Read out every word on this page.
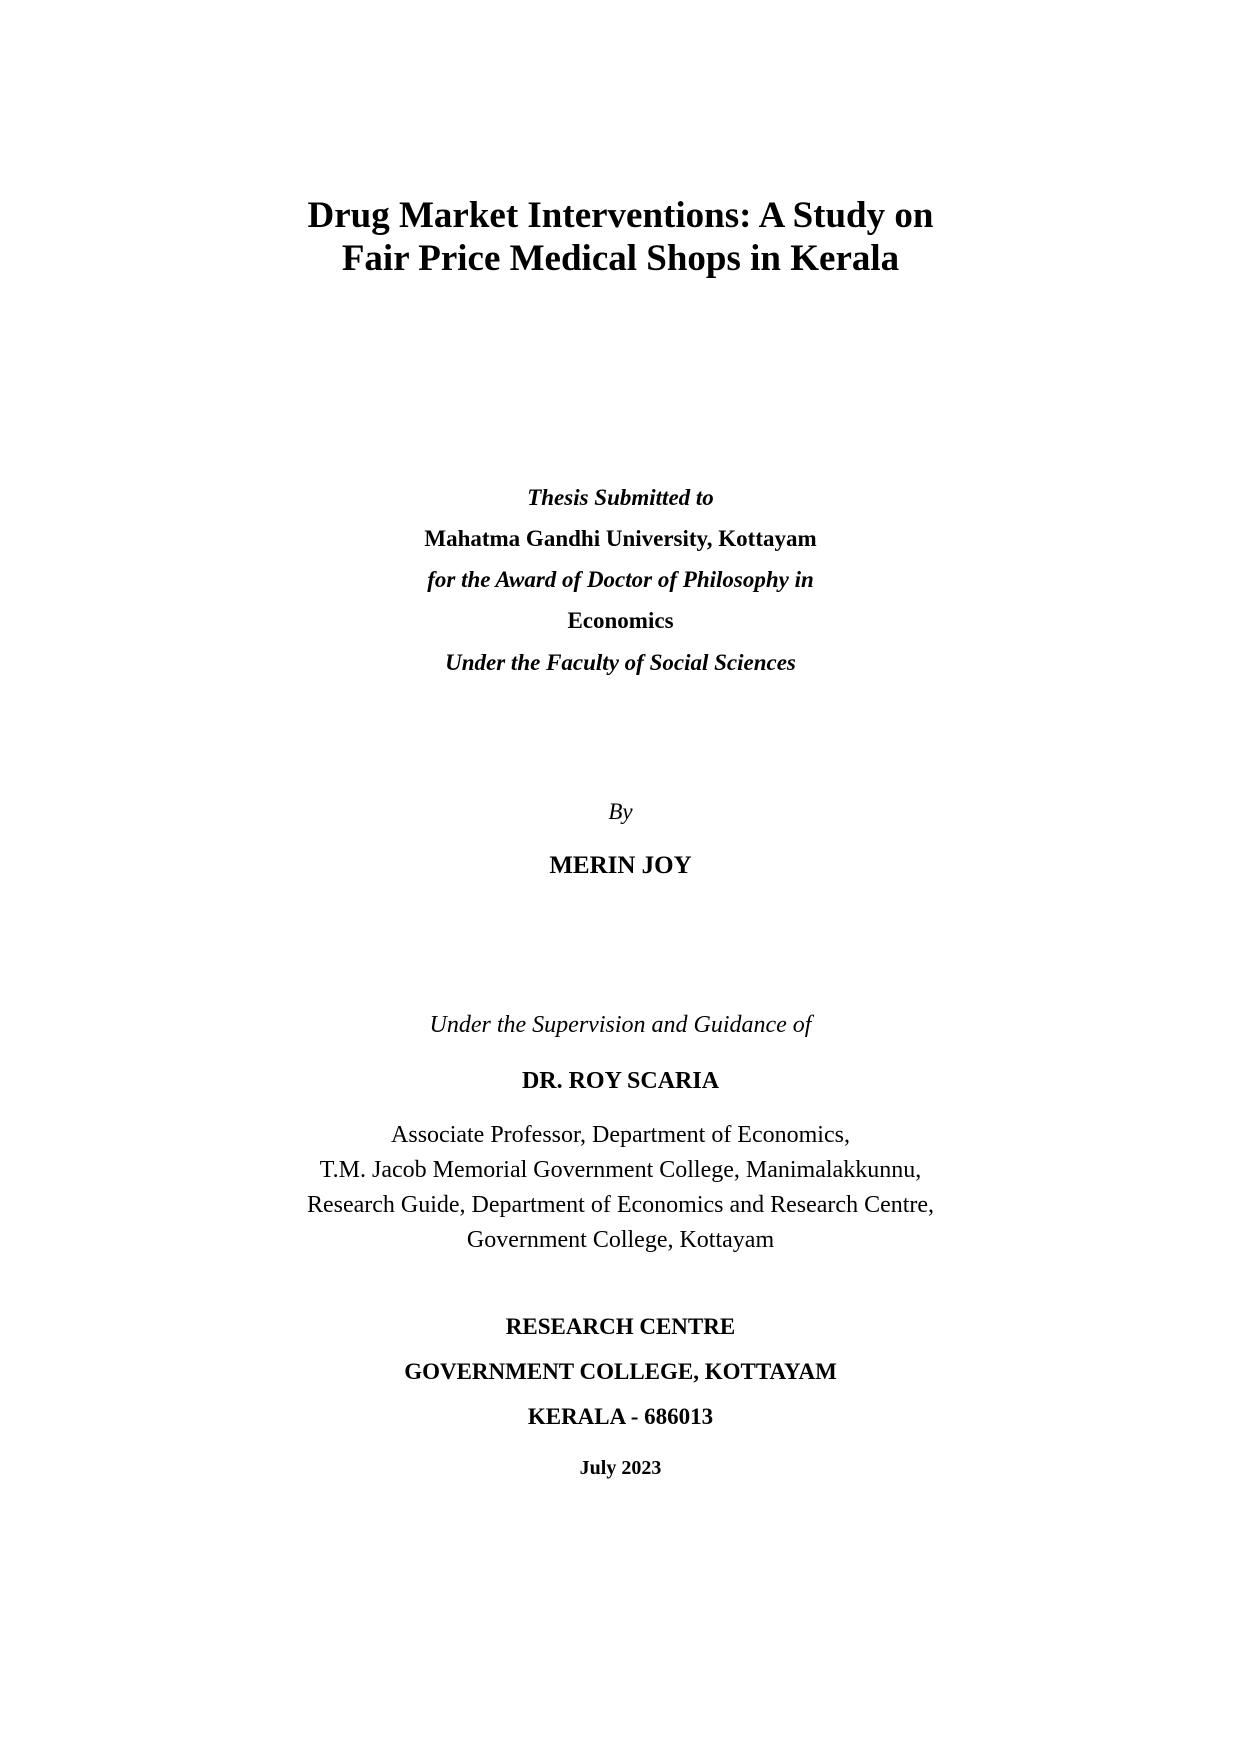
Drug Market Interventions: A Study on
Fair Price Medical Shops in Kerala
Thesis Submitted to
Mahatma Gandhi University, Kottayam
for the Award of Doctor of Philosophy in
Economics
Under the Faculty of Social Sciences
By
MERIN JOY
Under the Supervision and Guidance of
DR. ROY SCARIA
Associate Professor, Department of Economics,
T.M. Jacob Memorial Government College, Manimalakkunnu,
Research Guide, Department of Economics and Research Centre,
Government College, Kottayam
RESEARCH CENTRE
GOVERNMENT COLLEGE, KOTTAYAM
KERALA - 686013
July 2023
